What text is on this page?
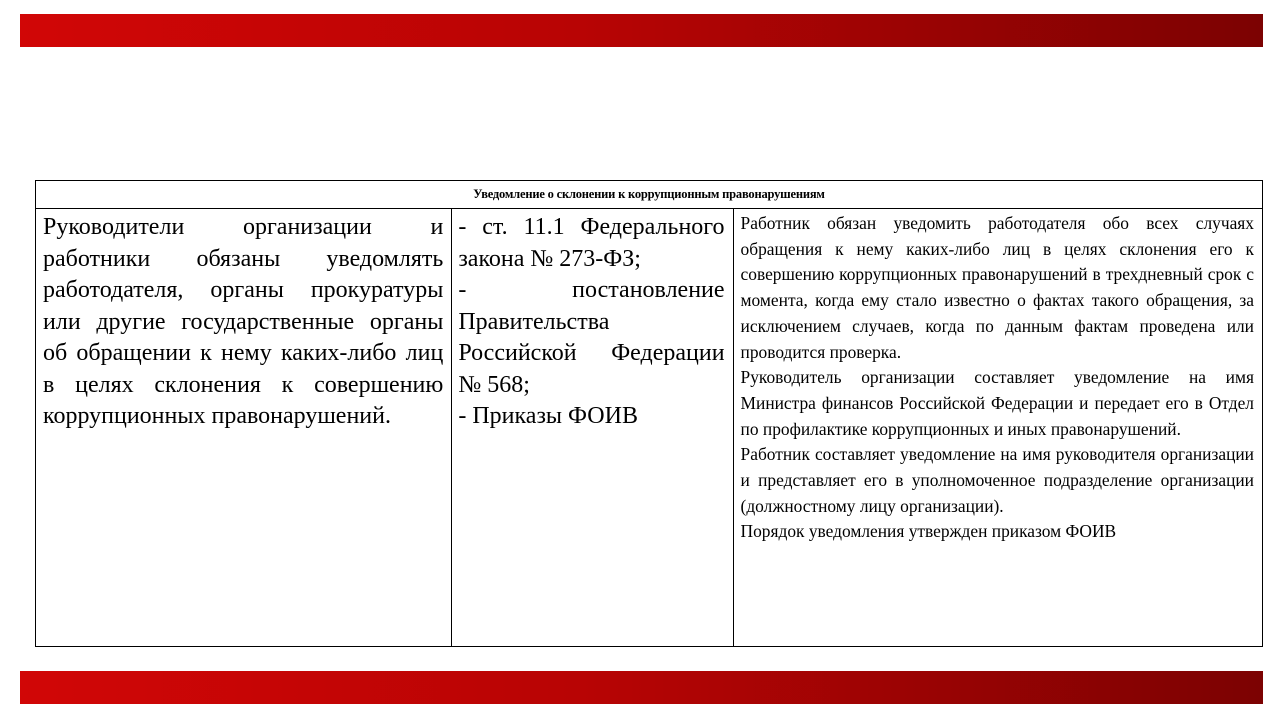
Уведомление о склонении к коррупционным правонарушениям

Руководители организации и работники обязаны уведомлять работодателя, органы прокуратуры или другие государственные органы об обращении к нему каких-либо лиц в целях склонения к совершению коррупционных правонарушений.

- ст. 11.1 Федерального закона № 273-ФЗ;
- постановление Правительства Российской Федерации № 568;
- Приказы ФОИВ

Работник обязан уведомить работодателя обо всех случаях обращения к нему каких-либо лиц в целях склонения его к совершению коррупционных правонарушений в трехдневный срок с момента, когда ему стало известно о фактах такого обращения, за исключением случаев, когда по данным фактам проведена или проводится проверка.
Руководитель организации составляет уведомление на имя Министра финансов Российской Федерации и передает его в Отдел по профилактике коррупционных и иных правонарушений.
Работник составляет уведомление на имя руководителя организации и представляет его в уполномоченное подразделение организации (должностному лицу организации).
Порядок уведомления утвержден приказом ФОИВ
